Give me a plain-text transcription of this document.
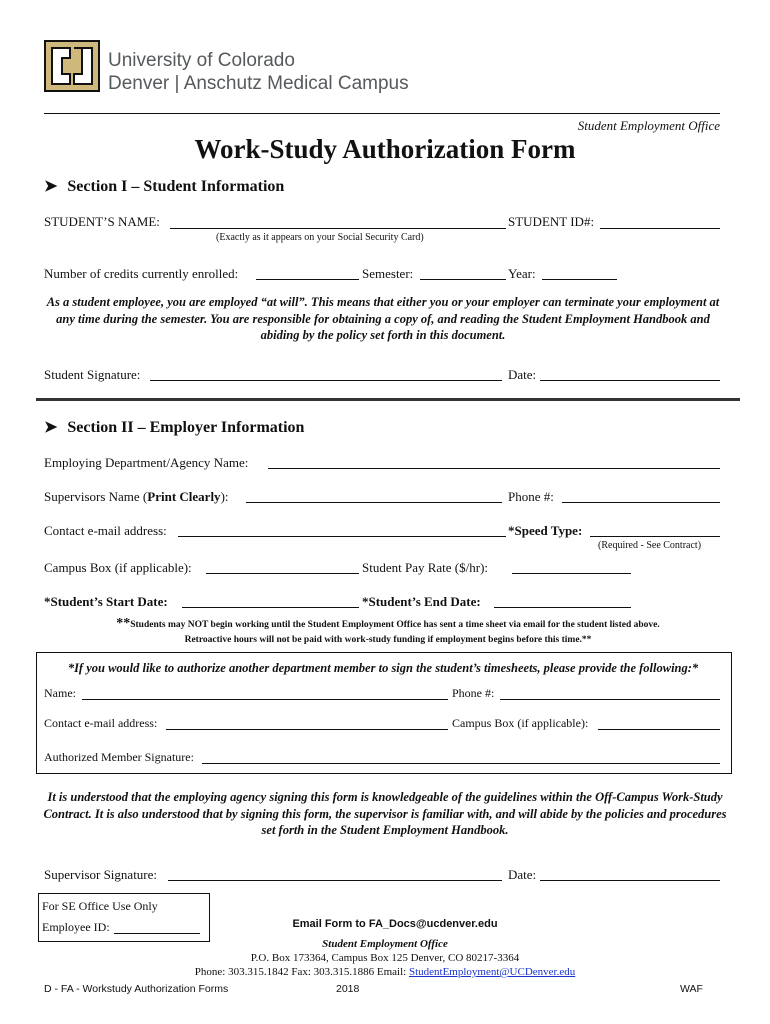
University of Colorado
Denver | Anschutz Medical Campus
Student Employment Office
Work-Study Authorization Form
➤ Section I – Student Information
STUDENT’S NAME:	STUDENT ID#:
(Exactly as it appears on your Social Security Card)
Number of credits currently enrolled:	Semester:	Year:
As a student employee, you are employed “at will”. This means that either you or your employer can terminate your employment at any time during the semester. You are responsible for obtaining a copy of, and reading the Student Employment Handbook and abiding by the policy set forth in this document.
Student Signature:	Date:
➤ Section II – Employer Information
Employing Department/Agency Name:
Supervisors Name (Print Clearly):	Phone #:
Contact e-mail address:	*Speed Type:
(Required - See Contract)
Campus Box (if applicable):	Student Pay Rate ($/hr):
*Student’s Start Date:	*Student’s End Date:
**Students may NOT begin working until the Student Employment Office has sent a time sheet via email for the student listed above.
Retroactive hours will not be paid with work-study funding if employment begins before this time.**
*If you would like to authorize another department member to sign the student’s timesheets, please provide the following:*
Name:	Phone #:
Contact e-mail address:	Campus Box (if applicable):
Authorized Member Signature:
It is understood that the employing agency signing this form is knowledgeable of the guidelines within the Off-Campus Work-Study Contract. It is also understood that by signing this form, the supervisor is familiar with, and will abide by the policies and procedures set forth in the Student Employment Handbook.
Supervisor Signature:	Date:
For SE Office Use Only
Employee ID:	Email Form to FA_Docs@ucdenver.edu
Student Employment Office
P.O. Box 173364, Campus Box 125 Denver, CO 80217-3364
Phone: 303.315.1842 Fax: 303.315.1886 Email: StudentEmployment@UCDenver.edu
D - FA - Workstudy Authorization Forms	2018	WAF
